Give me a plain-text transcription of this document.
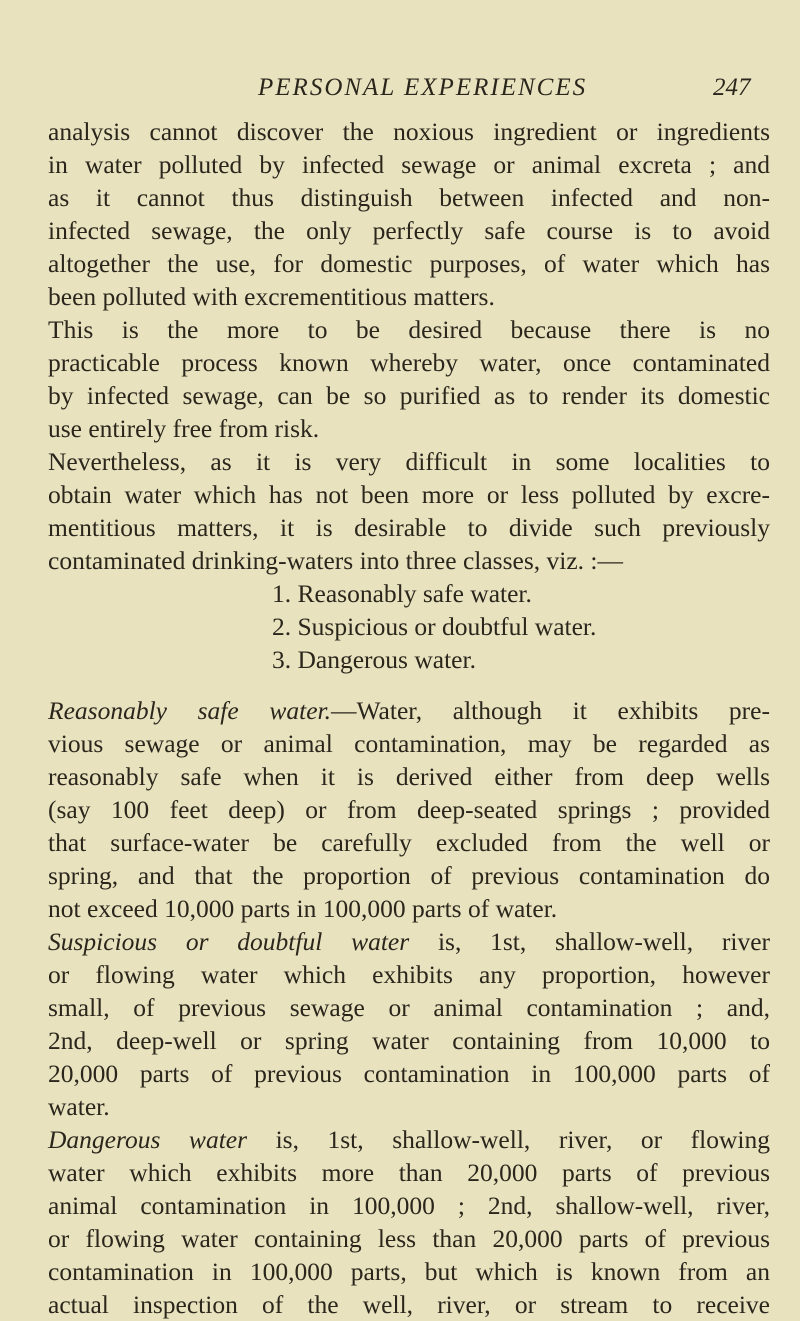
PERSONAL EXPERIENCES	247
analysis cannot discover the noxious ingredient or ingredients
in water polluted by infected sewage or animal excreta ; and
as it cannot thus distinguish between infected and non-
infected sewage, the only perfectly safe course is to avoid
altogether the use, for domestic purposes, of water which has
been polluted with excrementitious matters.
This is the more to be desired because there is no
practicable process known whereby water, once contaminated
by infected sewage, can be so purified as to render its domestic
use entirely free from risk.
Nevertheless, as it is very difficult in some localities to
obtain water which has not been more or less polluted by excre-
mentitious matters, it is desirable to divide such previously
contaminated drinking-waters into three classes, viz. :—
1. Reasonably safe water.
2. Suspicious or doubtful water.
3. Dangerous water.
Reasonably safe water.—Water, although it exhibits pre-
vious sewage or animal contamination, may be regarded as
reasonably safe when it is derived either from deep wells
(say 100 feet deep) or from deep-seated springs ; provided
that surface-water be carefully excluded from the well or
spring, and that the proportion of previous contamination do
not exceed 10,000 parts in 100,000 parts of water.
Suspicious or doubtful water is, 1st, shallow-well, river
or flowing water which exhibits any proportion, however
small, of previous sewage or animal contamination ; and,
2nd, deep-well or spring water containing from 10,000 to
20,000 parts of previous contamination in 100,000 parts of
water.
Dangerous water is, 1st, shallow-well, river, or flowing
water which exhibits more than 20,000 parts of previous
animal contamination in 100,000 ; 2nd, shallow-well, river,
or flowing water containing less than 20,000 parts of previous
contamination in 100,000 parts, but which is known from an
actual inspection of the well, river, or stream to receive
